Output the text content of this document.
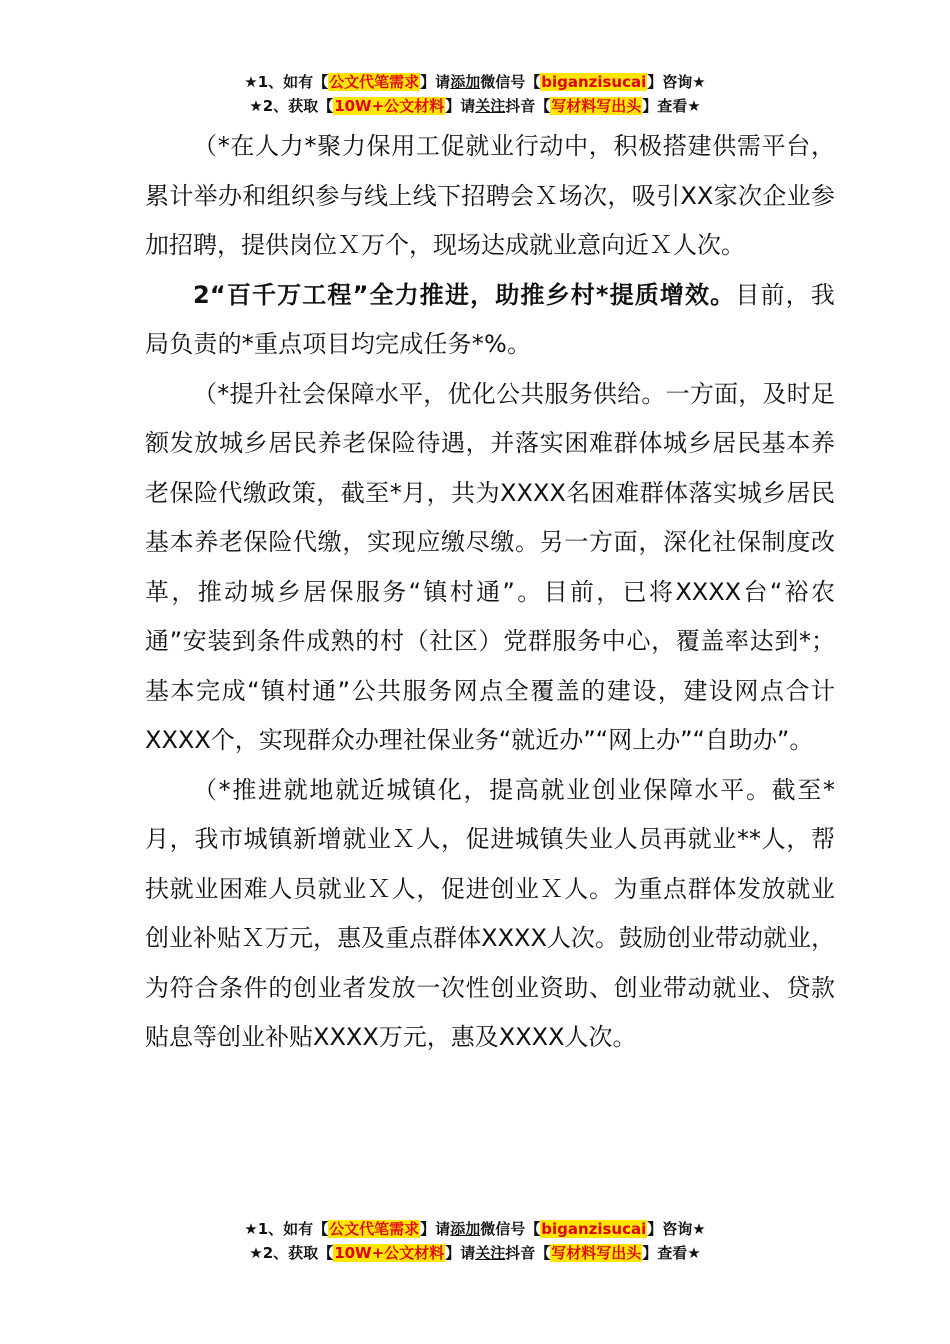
★1、如有【公文代笔需求】请添加微信号【biganzisucai】咨询★
★2、获取【10W+公文材料】请关注抖音【写材料写出头】查看★

（*在人力*聚力保用工促就业行动中，积极搭建供需平台，累计举办和组织参与线上线下招聘会Ｘ场次，吸引XX家次企业参加招聘，提供岗位Ｘ万个，现场达成就业意向近Ｘ人次。

2“百千万工程”全力推进，助推乡村*提质增效。目前，我局负责的*重点项目均完成任务*%。

（*提升社会保障水平，优化公共服务供给。一方面，及时足额发放城乡居民养老保险待遇，并落实困难群体城乡居民基本养老保险代缴政策，截至*月，共为XXXX名困难群体落实城乡居民基本养老保险代缴，实现应缴尽缴。另一方面，深化社保制度改革，推动城乡居保服务“镇村通”。目前，已将XXXX台“裕农通”安装到条件成熟的村（社区）党群服务中心，覆盖率达到*；基本完成“镇村通”公共服务网点全覆盖的建设，建设网点合计XXXX个，实现群众办理社保业务“就近办”“网上办”“自助办”。

（*推进就地就近城镇化，提高就业创业保障水平。截至*月，我市城镇新增就业Ｘ人，促进城镇失业人员再就业**人，帮扶就业困难人员就业Ｘ人，促进创业Ｘ人。为重点群体发放就业创业补贴Ｘ万元，惠及重点群体XXXX人次。鼓励创业带动就业，为符合条件的创业者发放一次性创业资助、创业带动就业、贷款贴息等创业补贴XXXX万元，惠及XXXX人次。

★1、如有【公文代笔需求】请添加微信号【biganzisucai】咨询★
★2、获取【10W+公文材料】请关注抖音【写材料写出头】查看★
